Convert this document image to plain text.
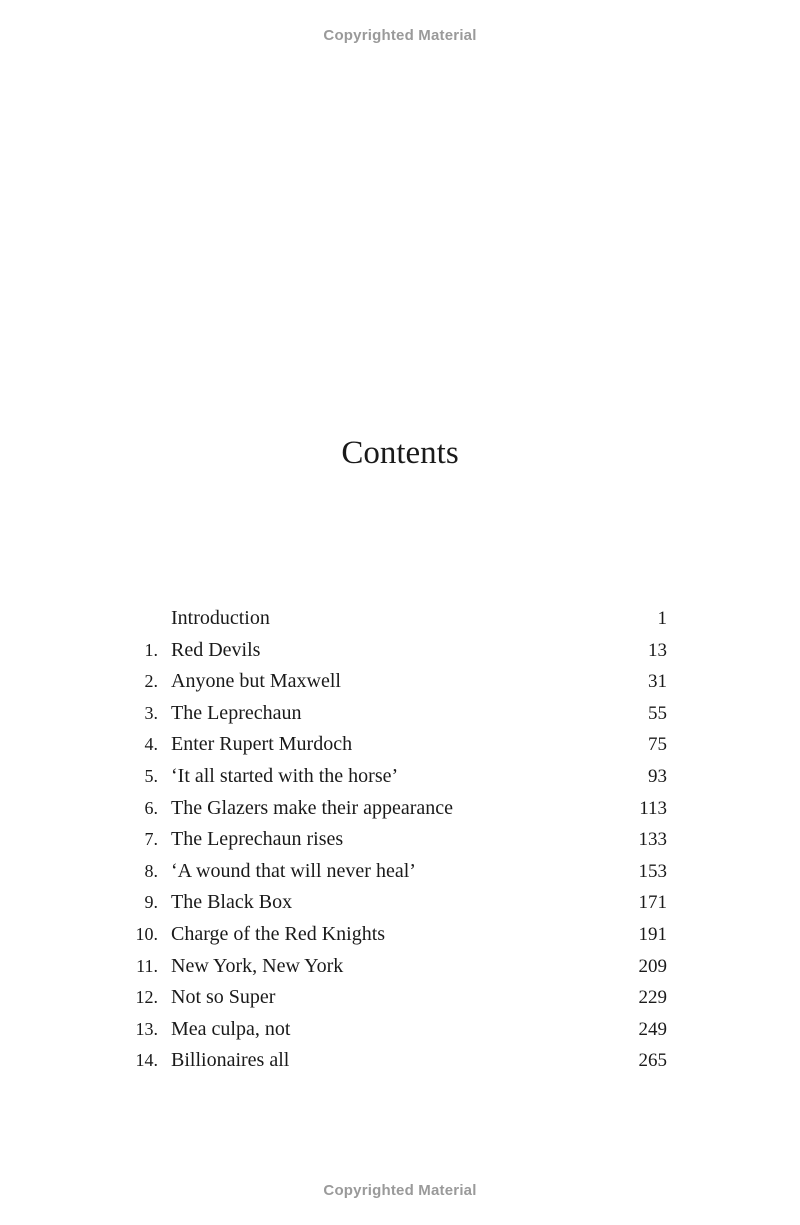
Copyrighted Material
Contents
Introduction	1
1. Red Devils	13
2. Anyone but Maxwell	31
3. The Leprechaun	55
4. Enter Rupert Murdoch	75
5. ‘It all started with the horse’	93
6. The Glazers make their appearance	113
7. The Leprechaun rises	133
8. ‘A wound that will never heal’	153
9. The Black Box	171
10. Charge of the Red Knights	191
11. New York, New York	209
12. Not so Super	229
13. Mea culpa, not	249
14. Billionaires all	265
Copyrighted Material
